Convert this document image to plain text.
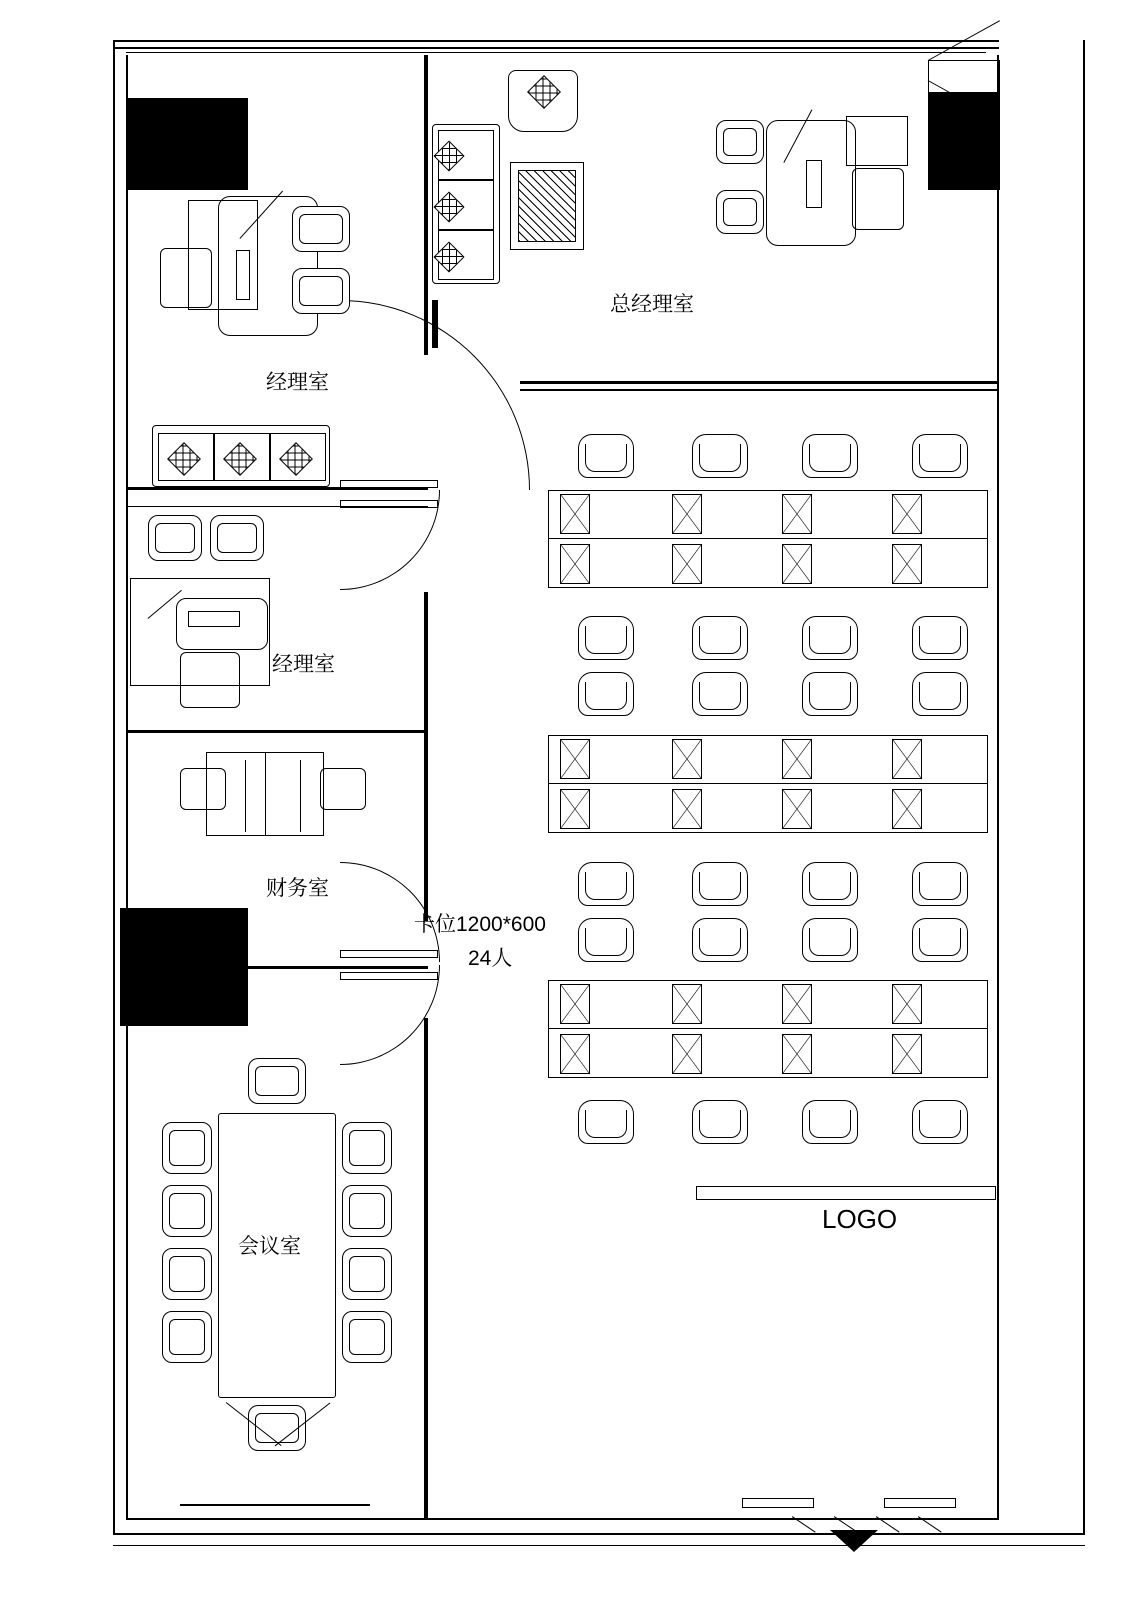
经理室
经理室
财务室
会议室
总经理室
卡位1200*600
24人
LOGO
